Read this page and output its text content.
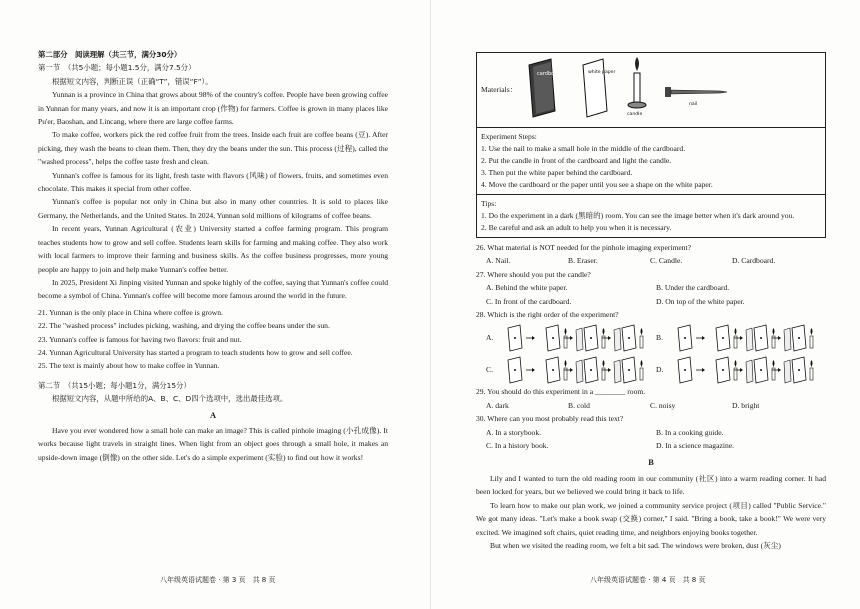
第二部分　阅读理解（共三节，满分30分）

第一节　（共5小题；每小题1.5分，满分7.5分）

根据短文内容，判断正误（正确“T”，错误“F”）。

Yunnan is a province in China that grows about 98% of the country's coffee. People have been growing coffee in Yunnan for many years, and now it is an important crop (作物) for farmers. Coffee is grown in many places like Pu'er, Baoshan, and Lincang, where there are large coffee farms.

To make coffee, workers pick the red coffee fruit from the trees. Inside each fruit are coffee beans (豆). After picking, they wash the beans to clean them. Then, they dry the beans under the sun. This process (过程), called the "washed process", helps the coffee taste fresh and clean.

Yunnan's coffee is famous for its light, fresh taste with flavors (风味) of flowers, fruits, and sometimes even chocolate. This makes it special from other coffee.

Yunnan's coffee is popular not only in China but also in many other countries. It is sold to places like Germany, the Netherlands, and the United States. In 2024, Yunnan sold millions of kilograms of coffee beans.

In recent years, Yunnan Agricultural (农业) University started a coffee farming program. This program teaches students how to grow and sell coffee. Students learn skills for farming and making coffee. They also work with local farmers to improve their farming and business skills. As the coffee business progresses, more young people are happy to join and help make Yunnan's coffee better.

In 2025, President Xi Jinping visited Yunnan and spoke highly of the coffee, saying that Yunnan's coffee could become a symbol of China. Yunnan's coffee will become more famous around the world in the future.

21. Yunnan is the only place in China where coffee is grown.

22. The "washed process" includes picking, washing, and drying the coffee beans under the sun.

23. Yunnan's coffee is famous for having two flavors: fruit and nut.

24. Yunnan Agricultural University has started a program to teach students how to grow and sell coffee.

25. The text is mainly about how to make coffee in Yunnan.

第二节　（共15小题；每小题1分，满分15分）

根据短文内容，从题中所给的A、B、C、D四个选项中，选出最佳选项。

A

Have you ever wondered how a small hole can make an image? This is called pinhole imaging (小孔成像). It works because light travels in straight lines. When light from an object goes through a small hole, it makes an upside-down image (倒像) on the other side. Let's do a simple experiment (实验) to find out how it works!

八年级英语试题卷 · 第 3 页　共 8 页
Materials：
cardboard	white paper
candle
nail

Experiment Steps:

1. Use the nail to make a small hole in the middle of the cardboard.

2. Put the candle in front of the cardboard and light the candle.

3. Then put the white paper behind the cardboard.

4. Move the cardboard or the paper until you see a shape on the white paper.

Tips:

1. Do the experiment in a dark (黑暗的) room. You can see the image better when it's dark around you.

2. Be careful and ask an adult to help you when it is necessary.

26. What material is NOT needed for the pinhole imaging experiment?

A. Nail.	B. Eraser.	C. Candle.	D. Cardboard.

27. Where should you put the candle?

A. Behind the white paper.	B. Under the cardboard.
C. In front of the cardboard.	D. On top of the white paper.

28. Which is the right order of the experiment?

A.	B.
C.	D.

29. You should do this experiment in a ________ room.

A. dark	B. cold	C. noisy	D. bright

30. Where can you most probably read this text?

A. In a storybook.	B. In a cooking guide.
C. In a history book.	D. In a science magazine.

B

Lily and I wanted to turn the old reading room in our community (社区) into a warm reading corner. It had been locked for years, but we believed we could bring it back to life.

To learn how to make our plan work, we joined a community service project (项目) called "Public Service." We got many ideas. "Let's make a book swap (交换) corner," I said. "Bring a book, take a book!" We were very excited. We imagined soft chairs, quiet reading time, and neighbors enjoying books together.

But when we visited the reading room, we felt a bit sad. The windows were broken, dust (灰尘)

八年级英语试题卷 · 第 4 页　共 8 页
